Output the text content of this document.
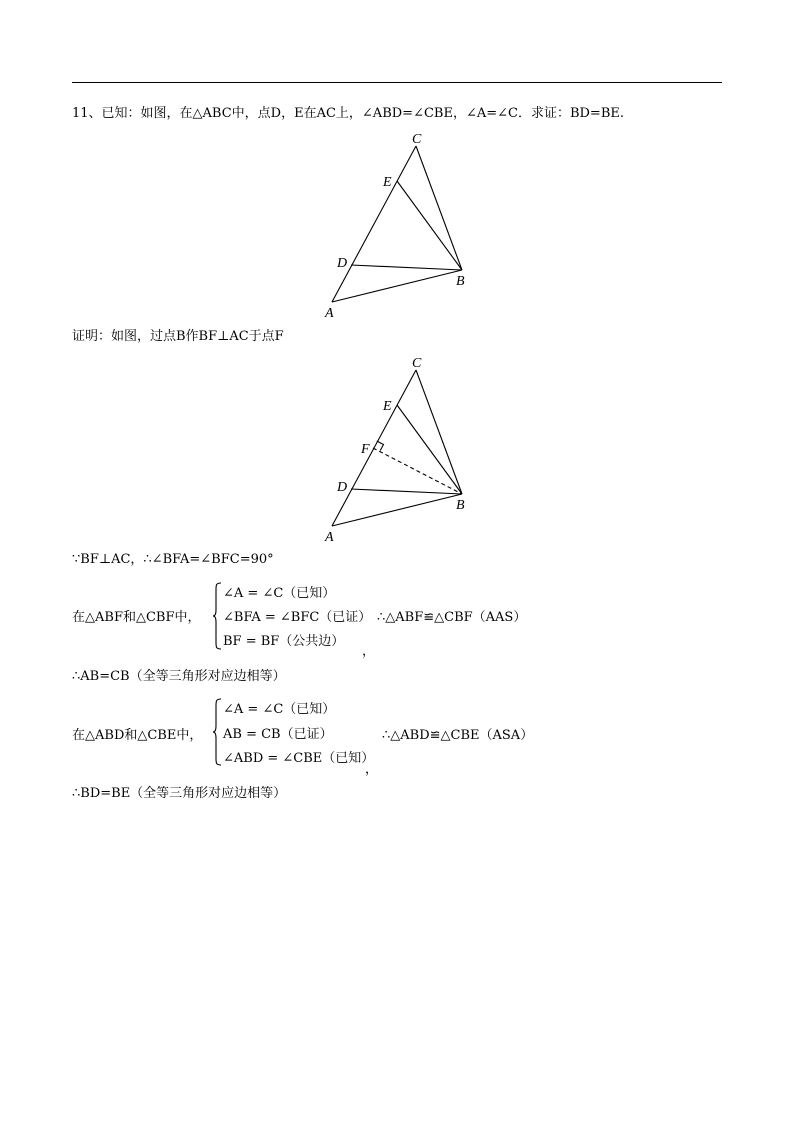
11、已知：如图，在△ABC中，点D，E在AC上，∠ABD=∠CBE，∠A=∠C．求证：BD=BE.
C
E
D
B
A
证明：如图，过点B作BF⊥AC于点F
C
E
F
D
B
A
∵BF⊥AC，∴∠BFA=∠BFC=90°
在△ABF和△CBF中，
∠A = ∠C（已知）
∠BFA = ∠BFC（已证）
BF = BF（公共边）
∴△ABF≌△CBF（AAS）
，
∴AB=CB（全等三角形对应边相等）
在△ABD和△CBE中，
∠A = ∠C（已知）
AB = CB（已证）
∠ABD = ∠CBE（已知）
∴△ABD≌△CBE（ASA）
，
∴BD=BE（全等三角形对应边相等）
